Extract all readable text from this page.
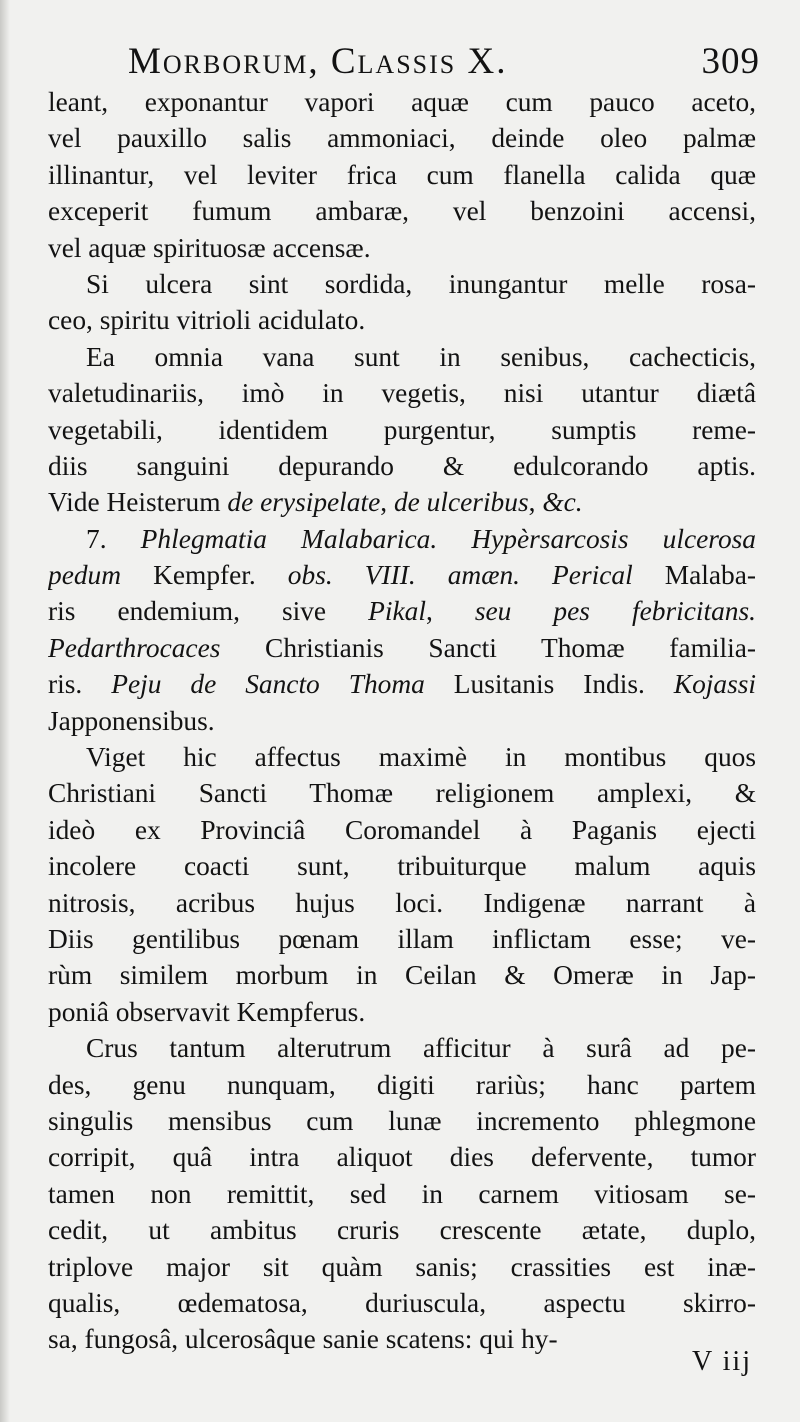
Morborum, Classis X.	309
leant, exponantur vapori aquæ cum pauco aceto,
vel pauxillo salis ammoniaci, deinde oleo palmæ
illinantur, vel leviter frica cum flanella calida quæ
exceperit fumum ambaræ, vel benzoini accensi,
vel aquæ spirituosæ accensæ.
Si ulcera sint sordida, inungantur melle rosa-
ceo, spiritu vitrioli acidulato.
Ea omnia vana sunt in senibus, cachecticis,
valetudinariis, imò in vegetis, nisi utantur diætâ
vegetabili, identidem purgentur, sumptis reme-
diis sanguini depurando & edulcorando aptis.
Vide Heisterum de erysipelate, de ulceribus, &c.
7. Phlegmatia Malabarica. Hypèrsarcosis ulcerosa
pedum Kempfer. obs. VIII. amæn. Perical Malaba-
ris endemium, sive Pikal, seu pes febricitans.
Pedarthrocaces Christianis Sancti Thomæ familia-
ris. Peju de Sancto Thoma Lusitanis Indis. Kojassi
Japponensibus.
Viget hic affectus maximè in montibus quos
Christiani Sancti Thomæ religionem amplexi, &
ideò ex Provinciâ Coromandel à Paganis ejecti
incolere coacti sunt, tribuiturque malum aquis
nitrosis, acribus hujus loci. Indigenæ narrant à
Diis gentilibus pœnam illam inflictam esse; ve-
rùm similem morbum in Ceilan & Omeræ in Jap-
poniâ observavit Kempferus.
Crus tantum alterutrum afficitur à surâ ad pe-
des, genu nunquam, digiti rariùs; hanc partem
singulis mensibus cum lunæ incremento phlegmone
corripit, quâ intra aliquot dies defervente, tumor
tamen non remittit, sed in carnem vitiosam se-
cedit, ut ambitus cruris crescente ætate, duplo,
triplove major sit quàm sanis; crassities est inæ-
qualis, œdematosa, duriuscula, aspectu skirro-
sa, fungosâ, ulcerosâque sanie scatens: qui hy-
V iij
